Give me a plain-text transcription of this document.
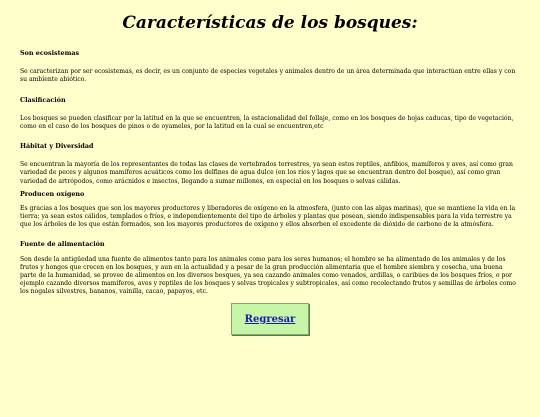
Características de los bosques:

Son ecosistemas

Se caracterizan por ser ecosistemas, es decir, es un conjunto de especies vegetales y animales dentro de un área determinada que interactúan entre ellas y con su ambiente abiótico.

Clasificación

Los bosques se pueden clasificar por la latitud en la que se encuentren, la estacionalidad del follaje, como en los bosques de hojas caducas, tipo de vegetación, como en el caso de los bosques de pinos o de oyameles, por la latitud en la cual se encuentren,etc

Hábitat y Diversidad

Se encuentran la mayoría de los representantes de todas las clases de vertebrados terrestres, ya sean estos reptiles, anfibios, mamíferos y aves, así como gran variedad de peces y algunos mamíferos acuáticos como los delfines de agua dulce (en los ríos y lagos que se encuentran dentro del bosque), así como gran variedad de artrópodos, como arácnidos e insectos, llegando a sumar millones, en especial en los bosques o selvas cálidas.

Producen oxígeno

Es gracias a los bosques que son los mayores productores y liberadores de oxígeno en la atmosfera, (junto con las algas marinas), que se mantiene la vida en la tierra; ya sean estos cálidos, templados o fríos, e independientemente del tipo de árboles y plantas que posean, siendo indispensables para la vida terrestre ya que los árboles de los que están formados, son los mayores productores de oxígeno y ellos absorben el excedente de dióxido de carbono de la atmósfera.

Fuente de alimentación

Son desde la antigüedad una fuente de alimentos tanto para los animales como para los seres humanos; el hombre se ha alimentado de los animales y de los frutos y hongos que crecen en los bosques, y aun en la actualidad y a pesar de la gran producción alimentaria que el hombre siembra y cosecha, una buena parte de la humanidad, se provee de alimentos en los diversos bosques, ya sea cazando animales como venados, ardillas, o caribúes de los bosques fríos, o por ejemplo cazando diversos mamíferos, aves y reptiles de los bosques y selvas tropicales y subtropicales, así como recolectando frutos y semillas de árboles como los nogales silvestres, bananos, vainilla, cacao, papayos, etc.

Regresar
